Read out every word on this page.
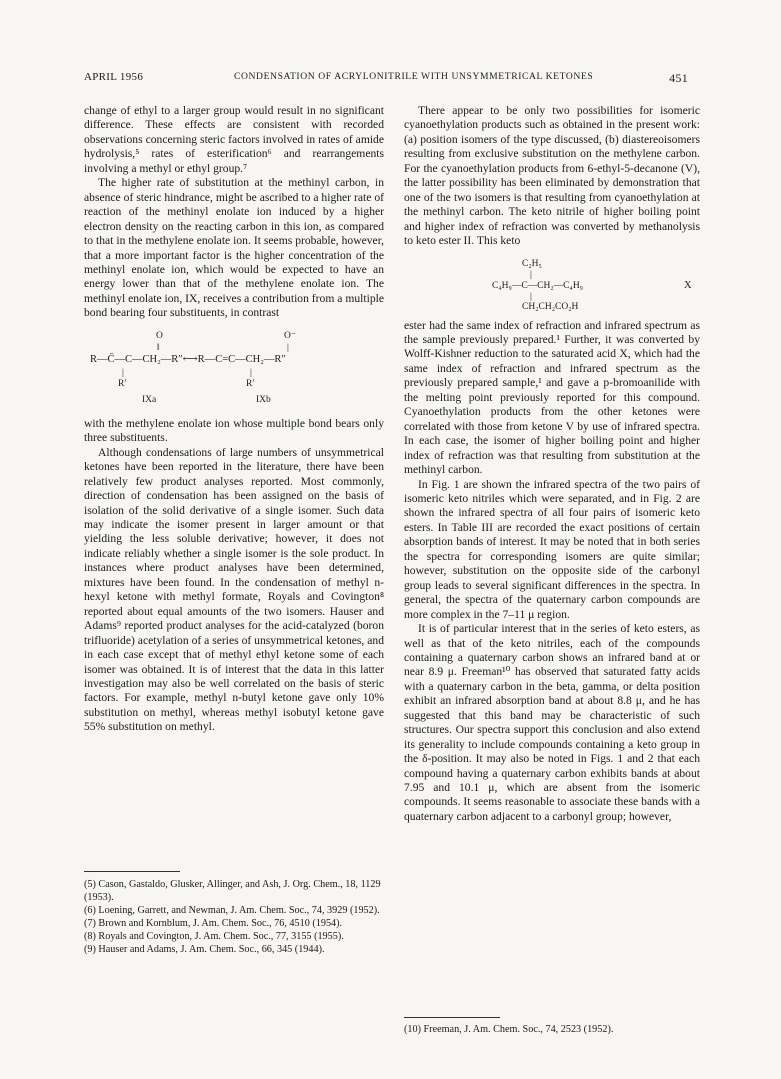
APRIL 1956	CONDENSATION OF ACRYLONITRILE WITH UNSYMMETRICAL KETONES	451

change of ethyl to a larger group would result in no significant difference. These effects are consistent with recorded observations concerning steric factors involved in rates of amide hydrolysis,⁵ rates of esterification⁶ and rearrangements involving a methyl or ethyl group.⁷

The higher rate of substitution at the methinyl carbon, in absence of steric hindrance, might be ascribed to a higher rate of reaction of the methinyl enolate ion induced by a higher electron density on the reacting carbon in this ion, as compared to that in the methylene enolate ion. It seems probable, however, that a more important factor is the higher concentration of the methinyl enolate ion, which would be expected to have an energy lower than that of the methylene enolate ion. The methinyl enolate ion, IX, receives a contribution from a multiple bond bearing four substituents, in contrast

O	O⁻
‖	|
R—C̄—C—CH₂—R″⟷R—C=C—CH₂—R″
|	|
R′	R′
IXa	IXb

with the methylene enolate ion whose multiple bond bears only three substituents.

Although condensations of large numbers of unsymmetrical ketones have been reported in the literature, there have been relatively few product analyses reported. Most commonly, direction of condensation has been assigned on the basis of isolation of the solid derivative of a single isomer. Such data may indicate the isomer present in larger amount or that yielding the less soluble derivative; however, it does not indicate reliably whether a single isomer is the sole product. In instances where product analyses have been determined, mixtures have been found. In the condensation of methyl n-hexyl ketone with methyl formate, Royals and Covington⁸ reported about equal amounts of the two isomers. Hauser and Adams⁹ reported product analyses for the acid-catalyzed (boron trifluoride) acetylation of a series of unsymmetrical ketones, and in each case except that of methyl ethyl ketone some of each isomer was obtained. It is of interest that the data in this latter investigation may also be well correlated on the basis of steric factors. For example, methyl n-butyl ketone gave only 10% substitution on methyl, whereas methyl isobutyl ketone gave 55% substitution on methyl.

(5) Cason, Gastaldo, Glusker, Allinger, and Ash, J. Org. Chem., 18, 1129 (1953).

(6) Loening, Garrett, and Newman, J. Am. Chem. Soc., 74, 3929 (1952).

(7) Brown and Kornblum, J. Am. Chem. Soc., 76, 4510 (1954).

(8) Royals and Covington, J. Am. Chem. Soc., 77, 3155 (1955).

(9) Hauser and Adams, J. Am. Chem. Soc., 66, 345 (1944).

There appear to be only two possibilities for isomeric cyanoethylation products such as obtained in the present work: (a) position isomers of the type discussed, (b) diastereoisomers resulting from exclusive substitution on the methylene carbon. For the cyanoethylation products from 6-ethyl-5-decanone (V), the latter possibility has been eliminated by demonstration that one of the two isomers is that resulting from cyanoethylation at the methinyl carbon. The keto nitrile of higher boiling point and higher index of refraction was converted by methanolysis to keto ester II. This keto

C₂H₅
|
C₄H₉—C—CH₂—C₄H₉
|
CH₂CH₂CO₂H
X

ester had the same index of refraction and infrared spectrum as the sample previously prepared.¹ Further, it was converted by Wolff-Kishner reduction to the saturated acid X, which had the same index of refraction and infrared spectrum as the previously prepared sample,¹ and gave a p-bromoanilide with the melting point previously reported for this compound. Cyanoethylation products from the other ketones were correlated with those from ketone V by use of infrared spectra. In each case, the isomer of higher boiling point and higher index of refraction was that resulting from substitution at the methinyl carbon.

In Fig. 1 are shown the infrared spectra of the two pairs of isomeric keto nitriles which were separated, and in Fig. 2 are shown the infrared spectra of all four pairs of isomeric keto esters. In Table III are recorded the exact positions of certain absorption bands of interest. It may be noted that in both series the spectra for corresponding isomers are quite similar; however, substitution on the opposite side of the carbonyl group leads to several significant differences in the spectra. In general, the spectra of the quaternary carbon compounds are more complex in the 7–11 μ region.

It is of particular interest that in the series of keto esters, as well as that of the keto nitriles, each of the compounds containing a quaternary carbon shows an infrared band at or near 8.9 μ. Freeman¹⁰ has observed that saturated fatty acids with a quaternary carbon in the beta, gamma, or delta position exhibit an infrared absorption band at about 8.8 μ, and he has suggested that this band may be characteristic of such structures. Our spectra support this conclusion and also extend its generality to include compounds containing a keto group in the δ-position. It may also be noted in Figs. 1 and 2 that each compound having a quaternary carbon exhibits bands at about 7.95 and 10.1 μ, which are absent from the isomeric compounds. It seems reasonable to associate these bands with a quaternary carbon adjacent to a carbonyl group; however,

(10) Freeman, J. Am. Chem. Soc., 74, 2523 (1952).
